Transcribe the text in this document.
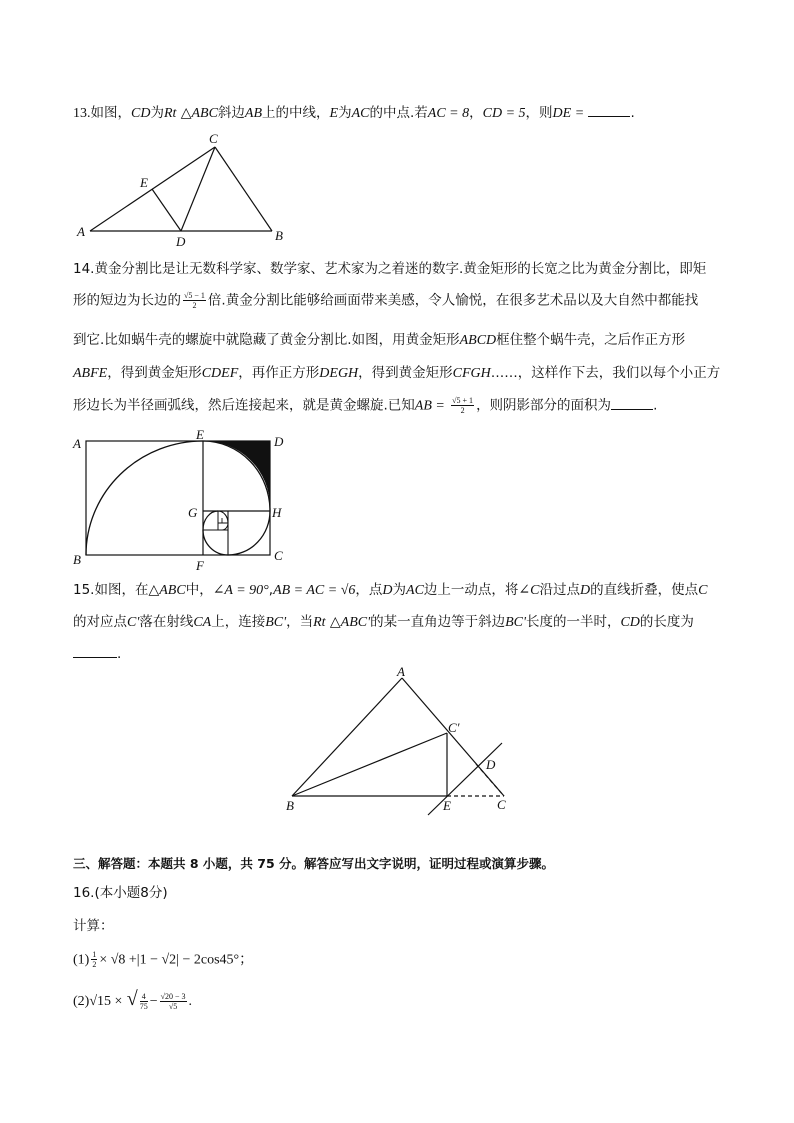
13.如图，CD为Rt △ABC斜边AB上的中线，E为AC的中点.若AC = 8，CD = 5，则DE =	.
A	B
C
D
E
14.黄金分割比是让无数科学家、数学家、艺术家为之着迷的数字.黄金矩形的长宽之比为黄金分割比，即矩
形的短边为长边的 $\frac{√5 - 1}{2}$ 倍.黄金分割比能够给画面带来美感，令人愉悦，在很多艺术品以及大自然中都能找
到它.比如蜗牛壳的螺旋中就隐藏了黄金分割比.如图，用黄金矩形ABCD框住整个蜗牛壳，之后作正方形
ABFE，得到黄金矩形CDEF，再作正方形DEGH，得到黄金矩形CFGH……，这样作下去，我们以每个小正方
形边长为半径画弧线，然后连接起来，就是黄金螺旋.已知AB = $\frac{√5 + 1}{2}$ ，则阴影部分的面积为	.
A
B	C
D
E
F
G	H
15.如图，在△ABC中，∠A = 90°,AB = AC = √6，点D为AC边上一动点，将∠C沿过点D的直线折叠，使点C
的对应点C'落在射线CA上，连接BC'，当Rt △ABC'的某一直角边等于斜边BC'长度的一半时，CD的长度为
.
A
B	C
C′
D
E
三、解答题：本题共 8 小题，共 75 分。解答应写出文字说明，证明过程或演算步骤。
16.(本小题8分)
计算：
$(1) \frac{1}{2} \times √8 +|1 - √2| - 2\cos 45^\circ$；
(2)√15 × √ $\frac{4}{75} - \frac{√20 - 3}{√5}$ .
